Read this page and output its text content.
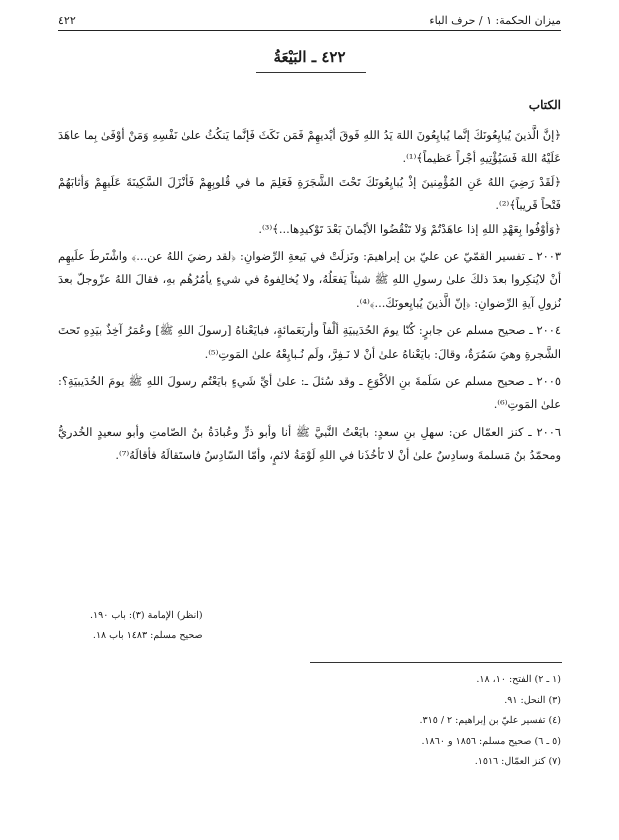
ميزان الحكمة: ١ / حرف الباء
٤٢٢
٤٢٢ ـ البَيْعَةُ
الكتاب

﴿إنَّ الَّذينَ يُبايِعُونَكَ إنَّما يُبايِعُونَ اللهَ يَدُ اللهِ فَوقَ أيْديهِمْ فَمَن نَكَثَ فَإنَّما يَنكُثُ علىٰ نَفْسِهِ وَمَنْ أوْفَىٰ بِما عاهَدَ عَلَيْهُ اللهَ فَسَيُؤْتِيهِ أجْراً عَظيماً﴾⁽¹⁾.

﴿لَقَدْ رَضِيَ اللهُ عَنِ المُؤْمِنينَ إذْ يُبايِعُونَكَ تَحْتَ الشَّجَرَةِ فَعَلِمَ ما في قُلوبِهِمْ فَأنْزَلَ السَّكِينَةَ عَلَيهِمْ وَأثابَهُمْ فَتْحاً قَريباً﴾⁽²⁾.

﴿وَأوْفُوا بِعَهْدِ اللهِ إذا عاهَدْتُمْ وَلا تَنْقُضُوا الأيْمانَ بَعْدَ تَوْكيدِها...﴾⁽³⁾.

٢٠٠٣ ـ تفسير القمّيّ عن عليّ بن إبراهيمَ: ونَزلَتْ في بَيعةِ الرِّضوانِ: ﴿لقد رضيَ اللهُ عن...﴾ واشْتَرطَ علَيهِم أنْ لايُنكِروا بعدَ ذلكَ علىٰ رسولِ اللهِ ﷺ شيئاً يَفعَلُهُ، ولا يُخالِفوهُ في شيءٍ يأمُرُهُم بهِ، فقالَ اللهُ عزّوجلّ بعدَ نُزولِ آيةِ الرِّضوانِ: ﴿إنّ الَّذينَ يُبايِعونَكَ...﴾⁽⁴⁾.

٢٠٠٤ ـ صحيح مسلم عن جابرٍ: كُنّا يومَ الحُدَيبيَةِ ألْفاً وأربَعَمائةٍ، فبايَعْناهُ [رسولَ اللهِ ﷺ] وعُمَرُ آخِذٌ بيَدِهِ تَحتَ الشَّجرةِ وهيَ سَمُرَةٌ، وقالَ: بايَعْناهُ علىٰ أنْ لا نَـفِرَّ، ولَم نُـبايِعْهُ علىٰ المَوتِ⁽⁵⁾.

٢٠٠٥ ـ صحيح مسلم عن سَلَمةَ بنِ الأكْوَعِ ـ وقد سُئلَ ـ: علىٰ أيِّ شَيءٍ بايَعْتُم رسولَ اللهِ ﷺ يومَ الحُدَيبيَةِ؟: علىٰ المَوتِ⁽⁶⁾.

٢٠٠٦ ـ كنز العمّال عن: سهلِ بنِ سعدٍ: بايَعْتُ النَّبيَّ ﷺ أنا وأبو ذرٍّ وعُبادَةُ بنُ الصّامتِ وأبو سعيدٍ الخُدريُّ ومحمّدُ بنُ مَسلمةَ وسادِسٌ علىٰ أنْ لا تَأخُذَنا في اللهِ لَوْمَةُ لائمٍ، وأمّا السّادِسُ فاستَقالَهُ فأقالَهُ⁽⁷⁾.

(انظر) الإمامة (٣): باب ١٩٠.
صحيح مسلم: ١٤٨٣ باب ١٨.
(١ ـ ٢) الفتح: ١٠، ١٨.
(٣) النحل: ٩١.
(٤) تفسير عليّ بن إبراهيم: ٢ / ٣١٥.
(٥ ـ ٦) صحيح مسلم: ١٨٥٦ و ١٨٦٠.
(٧) كنز العمّال: ١٥١٦.
